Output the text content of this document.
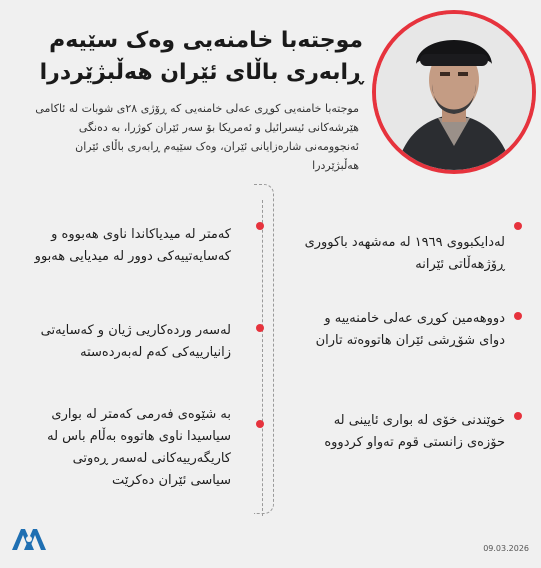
موجتەبا خامنەیی وەک سێیەم
ڕابەری باڵای ئێران هەڵبژێردرا
موجتەبا خامنەیی کوڕی عەلی خامنەیی کە ڕۆژی ٢٨ی شوبات لە ئاکامی هێرشەکانی ئیسرائیل و ئەمریکا بۆ سەر ئێران کوژرا، بە دەنگی ئەنجوومەنی شارەزایانی ئێران، وەک سێیەم ڕابەری باڵای ئێران هەڵبژێردرا
کەمتر لە میدیاکاندا ناوی هەبووە و کەسایەتییەکی دوور لە میدیایی هەبوو
لەسەر وردەکاریی ژیان و کەسایەتی زانیارییەکی کەم لەبەردەستە
بە شێوەی فەرمی کەمتر لە بواری سیاسیدا ناوی هاتووە بەڵام باس لە کاریگەرییەکانی لەسەر ڕەوتی سیاسی ئێران دەکرێت
لەدایکبووی ١٩٦٩ لە مەشهەد باکووری ڕۆژهەڵاتی ئێرانە
دووهەمین کوڕی عەلی خامنەییە و دوای شۆڕشی ئێران هاتووەتە تاران
خوێندنی خۆی لە بواری ئایینی لە حۆزەی زانستی قوم تەواو کردووە
09.03.2026
